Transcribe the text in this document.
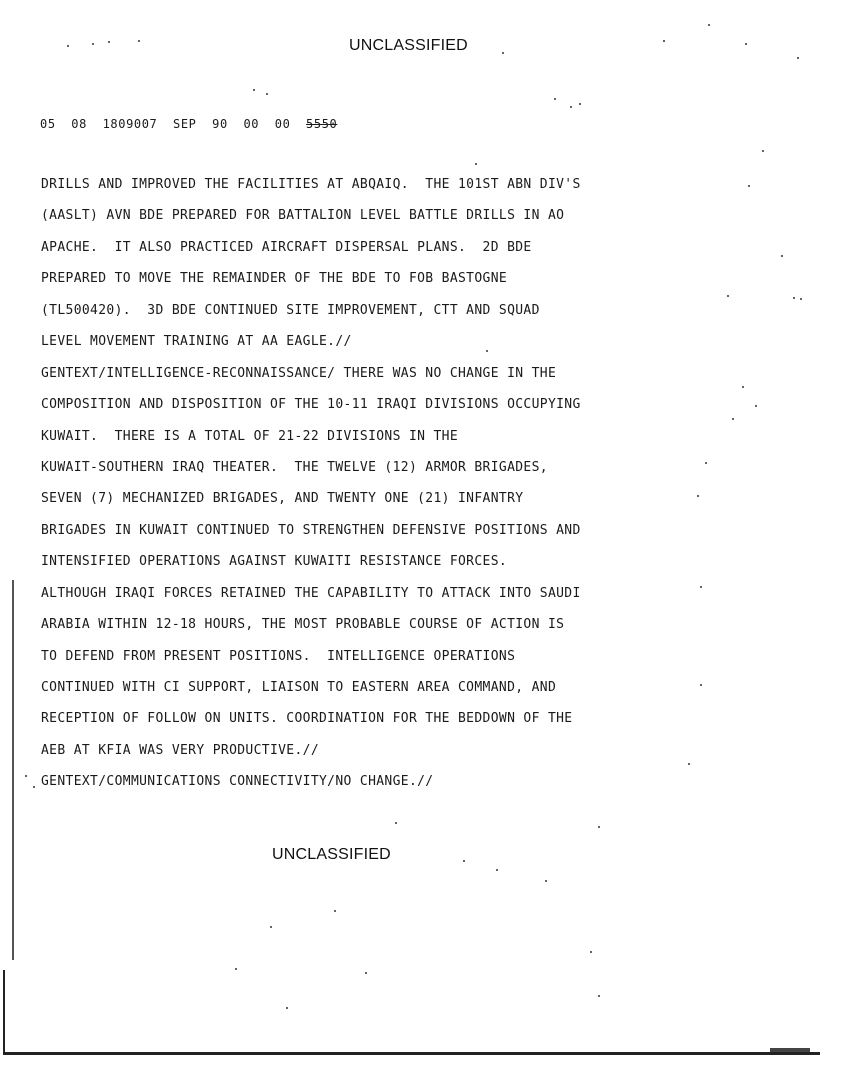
UNCLASSIFIED

05  08  1809007  SEP  90  00  00  5550

DRILLS AND IMPROVED THE FACILITIES AT ABQAIQ.  THE 101ST ABN DIV'S
(AASLT) AVN BDE PREPARED FOR BATTALION LEVEL BATTLE DRILLS IN AO
APACHE.  IT ALSO PRACTICED AIRCRAFT DISPERSAL PLANS.  2D BDE
PREPARED TO MOVE THE REMAINDER OF THE BDE TO FOB BASTOGNE
(TL500420).  3D BDE CONTINUED SITE IMPROVEMENT, CTT AND SQUAD
LEVEL MOVEMENT TRAINING AT AA EAGLE.//
GENTEXT/INTELLIGENCE-RECONNAISSANCE/ THERE WAS NO CHANGE IN THE
COMPOSITION AND DISPOSITION OF THE 10-11 IRAQI DIVISIONS OCCUPYING
KUWAIT.  THERE IS A TOTAL OF 21-22 DIVISIONS IN THE
KUWAIT-SOUTHERN IRAQ THEATER.  THE TWELVE (12) ARMOR BRIGADES,
SEVEN (7) MECHANIZED BRIGADES, AND TWENTY ONE (21) INFANTRY
BRIGADES IN KUWAIT CONTINUED TO STRENGTHEN DEFENSIVE POSITIONS AND
INTENSIFIED OPERATIONS AGAINST KUWAITI RESISTANCE FORCES.
ALTHOUGH IRAQI FORCES RETAINED THE CAPABILITY TO ATTACK INTO SAUDI
ARABIA WITHIN 12-18 HOURS, THE MOST PROBABLE COURSE OF ACTION IS
TO DEFEND FROM PRESENT POSITIONS.  INTELLIGENCE OPERATIONS
CONTINUED WITH CI SUPPORT, LIAISON TO EASTERN AREA COMMAND, AND
RECEPTION OF FOLLOW ON UNITS. COORDINATION FOR THE BEDDOWN OF THE
AEB AT KFIA WAS VERY PRODUCTIVE.//
GENTEXT/COMMUNICATIONS CONNECTIVITY/NO CHANGE.//

UNCLASSIFIED
